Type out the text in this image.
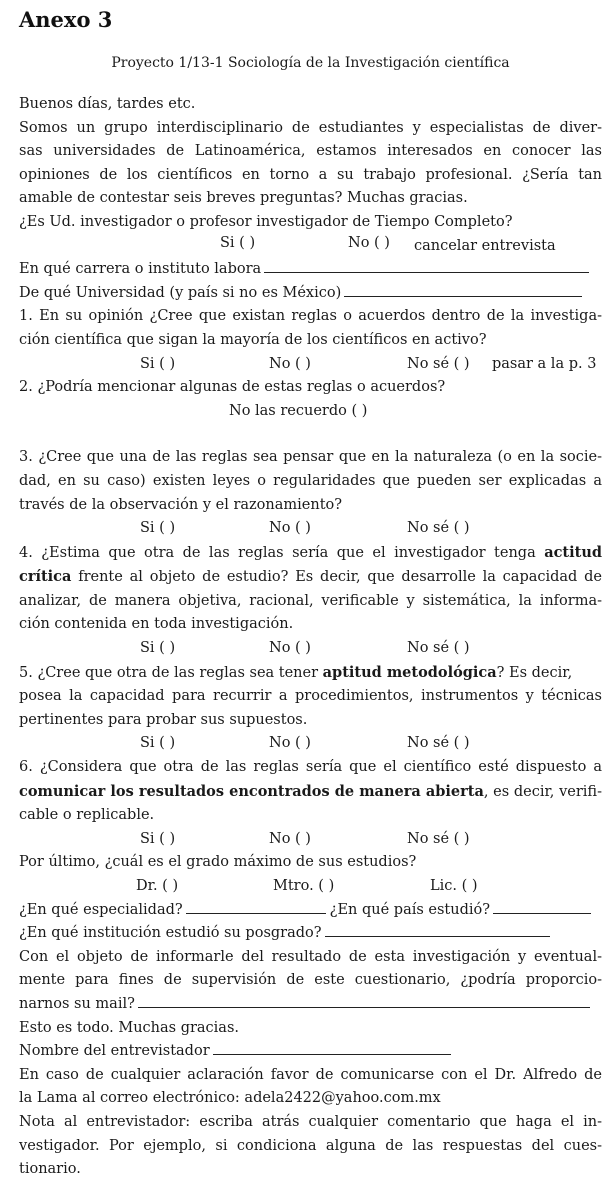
Anexo 3
Proyecto 1/13-1 Sociología de la Investigación científica
Buenos días, tardes etc.
Somos un grupo interdisciplinario de estudiantes y especialistas de diver-
sas universidades de Latinoamérica, estamos interesados en conocer las
opiniones de los científicos en torno a su trabajo profesional. ¿Sería tan
amable de contestar seis breves preguntas? Muchas gracias.
¿Es Ud. investigador o profesor investigador de Tiempo Completo?
Si ( )	No ( ) cancelar entrevista
En qué carrera o instituto labora
De qué Universidad (y país si no es México)
1. En su opinión ¿Cree que existan reglas o acuerdos dentro de la investiga-
ción científica que sigan la mayoría de los científicos en activo?
Si ( )	No ( )	No sé ( ) pasar a la p. 3
2. ¿Podría mencionar algunas de estas reglas o acuerdos?
No las recuerdo ( )
3. ¿Cree que una de las reglas sea pensar que en la naturaleza (o en la socie-
dad, en su caso) existen leyes o regularidades que pueden ser explicadas a
través de la observación y el razonamiento?
Si ( )	No ( )	No sé ( )
4. ¿Estima que otra de las reglas sería que el investigador tenga actitud
crítica frente al objeto de estudio? Es decir, que desarrolle la capacidad de
analizar, de manera objetiva, racional, verificable y sistemática, la informa-
ción contenida en toda investigación.
Si ( )	No ( )	No sé ( )
5. ¿Cree que otra de las reglas sea tener aptitud metodológica? Es decir,
posea la capacidad para recurrir a procedimientos, instrumentos y técnicas
pertinentes para probar sus supuestos.
Si ( )	No ( )	No sé ( )
6. ¿Considera que otra de las reglas sería que el científico esté dispuesto a
comunicar los resultados encontrados de manera abierta, es decir, verifi-
cable o replicable.
Si ( )	No ( )	No sé ( )
Por último, ¿cuál es el grado máximo de sus estudios?
Dr. ( )	Mtro. ( )	Lic. ( )
¿En qué especialidad?	¿En qué país estudió?
¿En qué institución estudió su posgrado?
Con el objeto de informarle del resultado de esta investigación y eventual-
mente para fines de supervisión de este cuestionario, ¿podría proporcio-
narnos su mail?
Esto es todo. Muchas gracias.
Nombre del entrevistador
En caso de cualquier aclaración favor de comunicarse con el Dr. Alfredo de
la Lama al correo electrónico: adela2422@yahoo.com.mx
Nota al entrevistador: escriba atrás cualquier comentario que haga el in-
vestigador. Por ejemplo, si condiciona alguna de las respuestas del cues-
tionario.
